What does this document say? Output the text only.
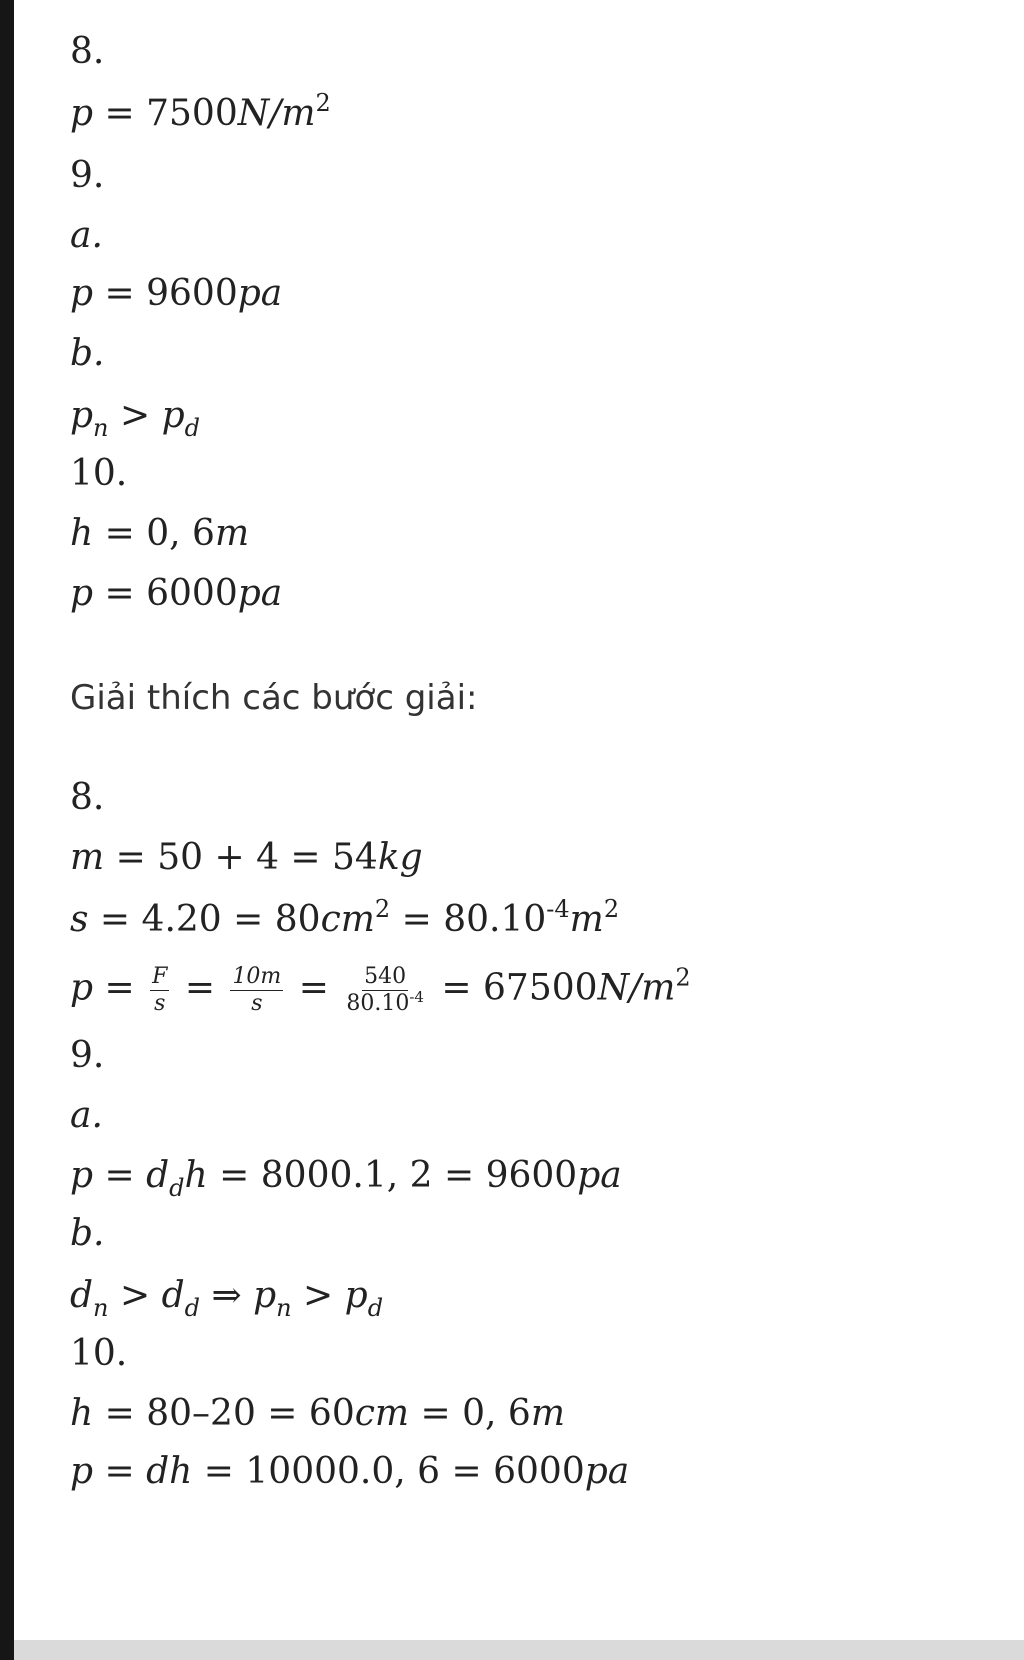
8.
$p = 7500N/m^2$
9.
a.
p = 9600pa
b.
$p_n > p_d$
10.
h = 0, 6m
p = 6000pa
Giải thích các bước giải:
8.
m = 50 + 4 = 54kg
$s = 4.20 = 80cm^2 = 80.10^{-4}m^2$
$p = \frac{F}{s} = \frac{10m}{s} = \frac{540}{80.10^{-4}} = 67500N/m^2$
9.
a.
$p = d_dh = 8000.1$, 2 = 9600pa
b.
$d_n > d_d$ ⇒ $p_n > p_d$
10.
h = 80–20 = 60cm = 0, 6m
p = dh = 10000.0, 6 = 6000pa
